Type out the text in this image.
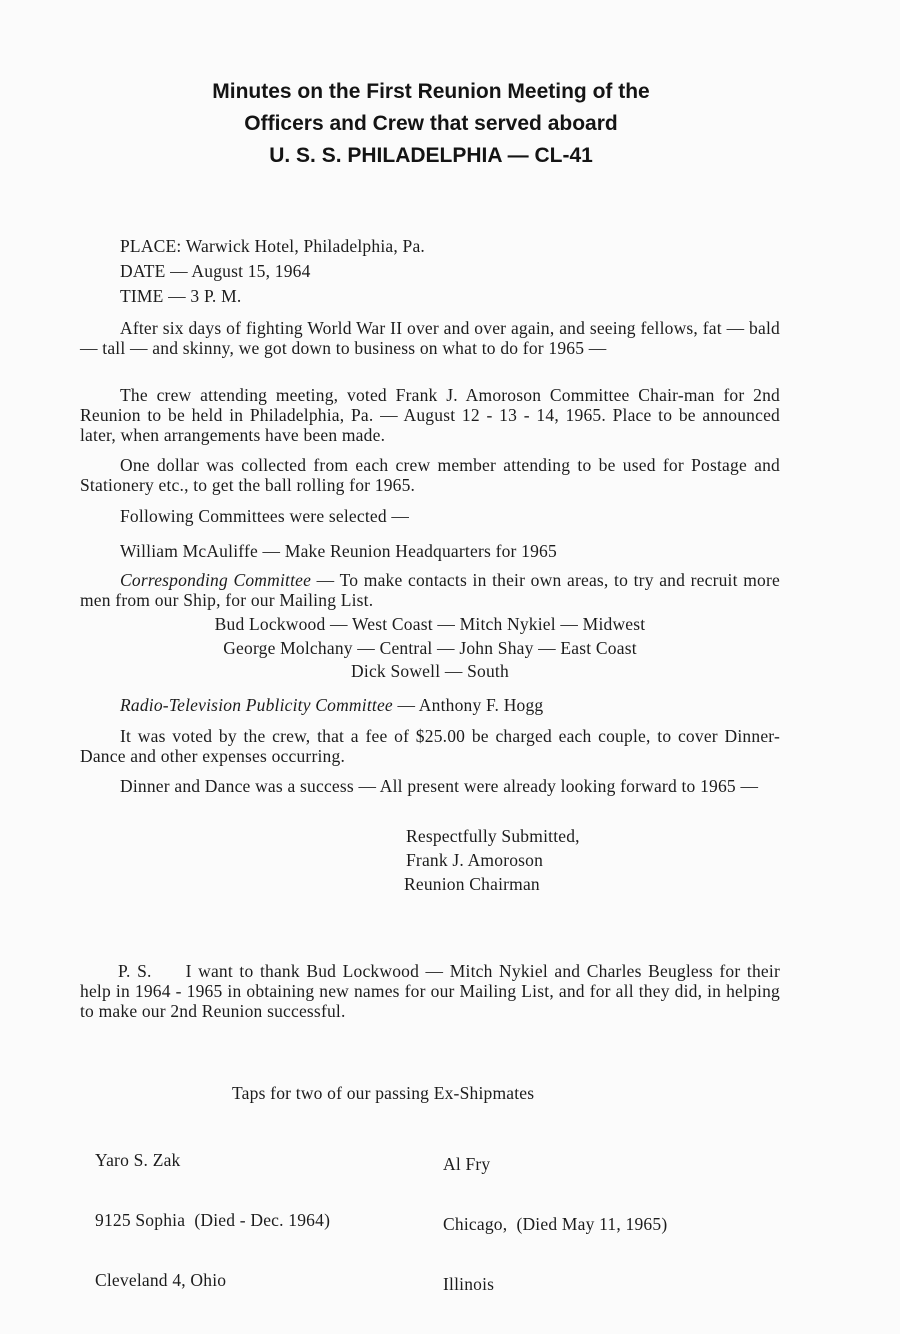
Minutes on the First Reunion Meeting of the
Officers and Crew that served aboard
U. S. S. PHILADELPHIA — CL-41
PLACE: Warwick Hotel, Philadelphia, Pa.
DATE — August 15, 1964
TIME — 3 P. M.
After six days of fighting World War II over and over again, and seeing fellows, fat — bald — tall — and skinny, we got down to business on what to do for 1965 —
The crew attending meeting, voted Frank J. Amoroson Committee Chair-man for 2nd Reunion to be held in Philadelphia, Pa. — August 12 - 13 - 14, 1965. Place to be announced later, when arrangements have been made.
One dollar was collected from each crew member attending to be used for Postage and Stationery etc., to get the ball rolling for 1965.
Following Committees were selected —
William McAuliffe — Make Reunion Headquarters for 1965
Corresponding Committee — To make contacts in their own areas, to try and recruit more men from our Ship, for our Mailing List.
Bud Lockwood — West Coast — Mitch Nykiel — Midwest
George Molchany — Central — John Shay — East Coast
Dick Sowell — South
Radio-Television Publicity Committee — Anthony F. Hogg
It was voted by the crew, that a fee of $25.00 be charged each couple, to cover Dinner-Dance and other expenses occurring.
Dinner and Dance was a success — All present were already looking forward to 1965 —
Respectfully Submitted,
Frank J. Amoroson
Reunion Chairman
P. S. I want to thank Bud Lockwood — Mitch Nykiel and Charles Beugless for their help in 1964 - 1965 in obtaining new names for our Mailing List, and for all they did, in helping to make our 2nd Reunion successful.
Taps for two of our passing Ex-Shipmates

Yaro S. Zak

9125 Sophia  (Died - Dec. 1964)

Cleveland 4, Ohio

Al Fry

Chicago,  (Died May 11, 1965)

Illinois
